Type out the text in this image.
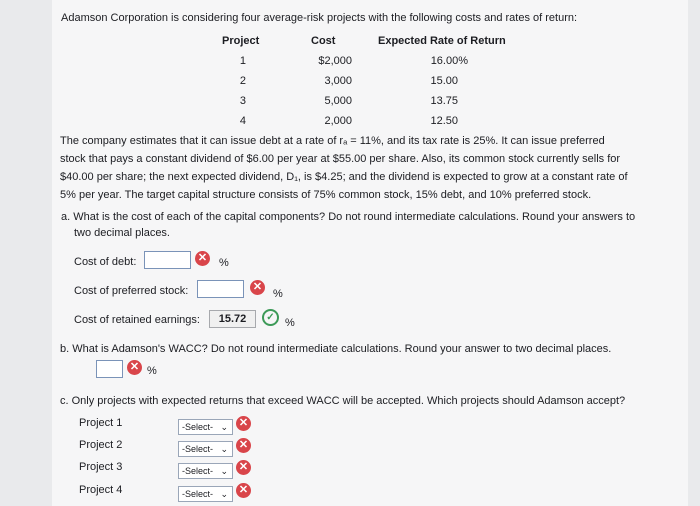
Adamson Corporation is considering four average-risk projects with the following costs and rates of return:
Project	Cost	Expected Rate of Return
1	$2,000	16.00%
2	3,000	15.00
3	5,000	13.75
4	2,000	12.50
The company estimates that it can issue debt at a rate of rₐ = 11%, and its tax rate is 25%. It can issue preferred
stock that pays a constant dividend of $6.00 per year at $55.00 per share. Also, its common stock currently sells for
$40.00 per share; the next expected dividend, D₁, is $4.25; and the dividend is expected to grow at a constant rate of
5% per year. The target capital structure consists of 75% common stock, 15% debt, and 10% preferred stock.
a. What is the cost of each of the capital components? Do not round intermediate calculations. Round your answers to
two decimal places.
Cost of debt:	✕ %
Cost of preferred stock:	✕
%
Cost of retained earnings:	15.72	✓ %
b. What is Adamson's WACC? Do not round intermediate calculations. Round your answer to two decimal places.
✕ %
c. Only projects with expected returns that exceed WACC will be accepted. Which projects should Adamson accept?
Project 1	-Select- ⌄ ✕
Project 2	-Select- ⌄ ✕
Project 3	-Select- ⌄ ✕
Project 4	-Select- ⌄ ✕
